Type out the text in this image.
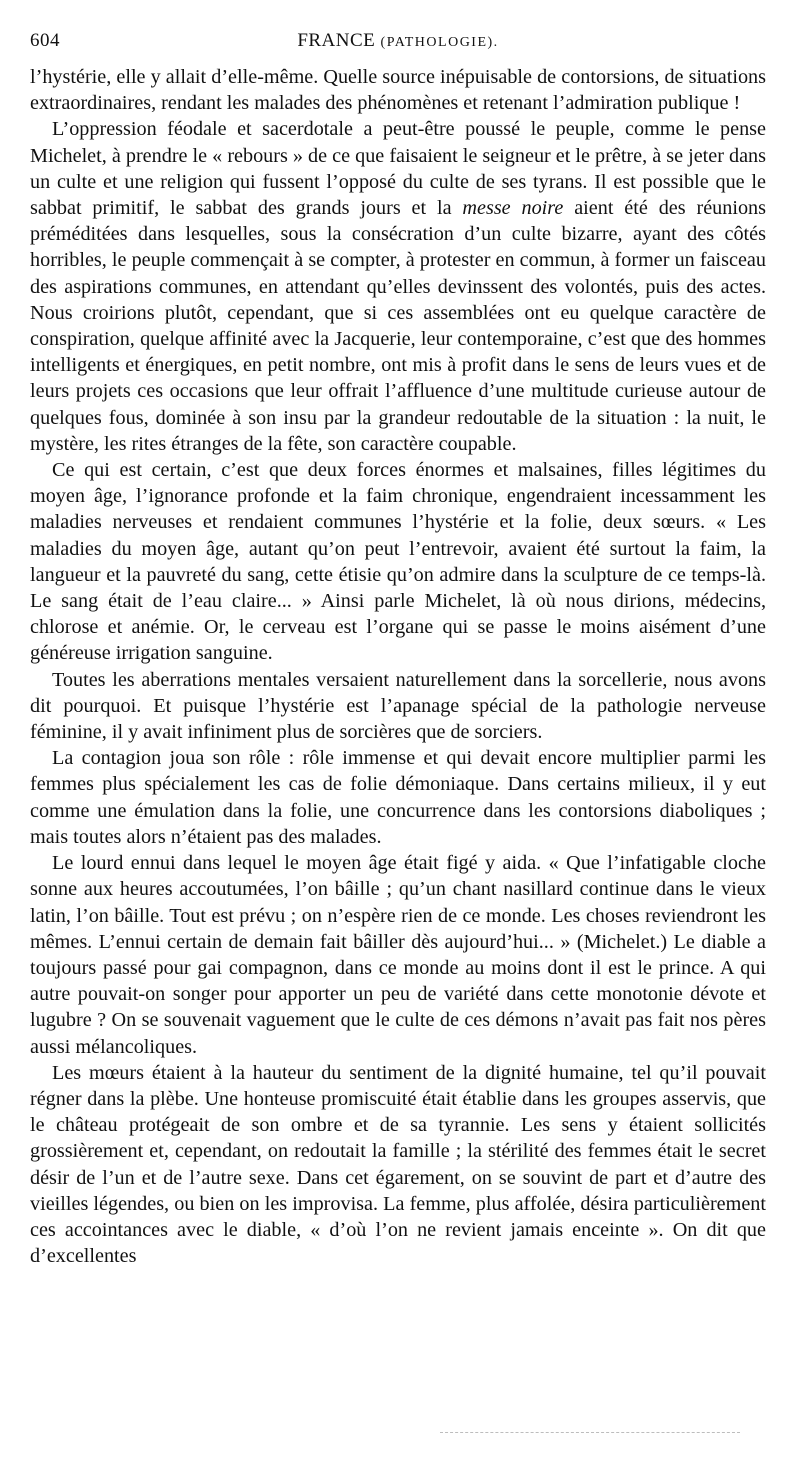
604	FRANCE (PATHOLOGIE).

l’hystérie, elle y allait d’elle-même. Quelle source inépuisable de contorsions, de situations extraordinaires, rendant les malades des phénomènes et retenant l’admiration publique !

L’oppression féodale et sacerdotale a peut-être poussé le peuple, comme le pense Michelet, à prendre le « rebours » de ce que faisaient le seigneur et le prêtre, à se jeter dans un culte et une religion qui fussent l’opposé du culte de ses tyrans. Il est possible que le sabbat primitif, le sabbat des grands jours et la messe noire aient été des réunions préméditées dans lesquelles, sous la consécration d’un culte bizarre, ayant des côtés horribles, le peuple commençait à se compter, à protester en commun, à former un faisceau des aspirations communes, en attendant qu’elles devinssent des volontés, puis des actes. Nous croirions plutôt, cependant, que si ces assemblées ont eu quelque caractère de conspiration, quelque affinité avec la Jacquerie, leur contemporaine, c’est que des hommes intelligents et énergiques, en petit nombre, ont mis à profit dans le sens de leurs vues et de leurs projets ces occasions que leur offrait l’affluence d’une multitude curieuse autour de quelques fous, dominée à son insu par la grandeur redoutable de la situation : la nuit, le mystère, les rites étranges de la fête, son caractère coupable.

Ce qui est certain, c’est que deux forces énormes et malsaines, filles légitimes du moyen âge, l’ignorance profonde et la faim chronique, engendraient incessamment les maladies nerveuses et rendaient communes l’hystérie et la folie, deux sœurs. « Les maladies du moyen âge, autant qu’on peut l’entrevoir, avaient été surtout la faim, la langueur et la pauvreté du sang, cette étisie qu’on admire dans la sculpture de ce temps-là. Le sang était de l’eau claire... » Ainsi parle Michelet, là où nous dirions, médecins, chlorose et anémie. Or, le cerveau est l’organe qui se passe le moins aisément d’une généreuse irrigation sanguine.

Toutes les aberrations mentales versaient naturellement dans la sorcellerie, nous avons dit pourquoi. Et puisque l’hystérie est l’apanage spécial de la pathologie nerveuse féminine, il y avait infiniment plus de sorcières que de sorciers.

La contagion joua son rôle : rôle immense et qui devait encore multiplier parmi les femmes plus spécialement les cas de folie démoniaque. Dans certains milieux, il y eut comme une émulation dans la folie, une concurrence dans les contorsions diaboliques ; mais toutes alors n’étaient pas des malades.

Le lourd ennui dans lequel le moyen âge était figé y aida. « Que l’infatigable cloche sonne aux heures accoutumées, l’on bâille ; qu’un chant nasillard continue dans le vieux latin, l’on bâille. Tout est prévu ; on n’espère rien de ce monde. Les choses reviendront les mêmes. L’ennui certain de demain fait bâiller dès aujourd’hui... » (Michelet.) Le diable a toujours passé pour gai compagnon, dans ce monde au moins dont il est le prince. A qui autre pouvait-on songer pour apporter un peu de variété dans cette monotonie dévote et lugubre ? On se souvenait vaguement que le culte de ces démons n’avait pas fait nos pères aussi mélancoliques.

Les mœurs étaient à la hauteur du sentiment de la dignité humaine, tel qu’il pouvait régner dans la plèbe. Une honteuse promiscuité était établie dans les groupes asservis, que le château protégeait de son ombre et de sa tyrannie. Les sens y étaient sollicités grossièrement et, cependant, on redoutait la famille ; la stérilité des femmes était le secret désir de l’un et de l’autre sexe. Dans cet égarement, on se souvint de part et d’autre des vieilles légendes, ou bien on les improvisa. La femme, plus affolée, désira particulièrement ces accointances avec le diable, « d’où l’on ne revient jamais enceinte ». On dit que d’excellentes
